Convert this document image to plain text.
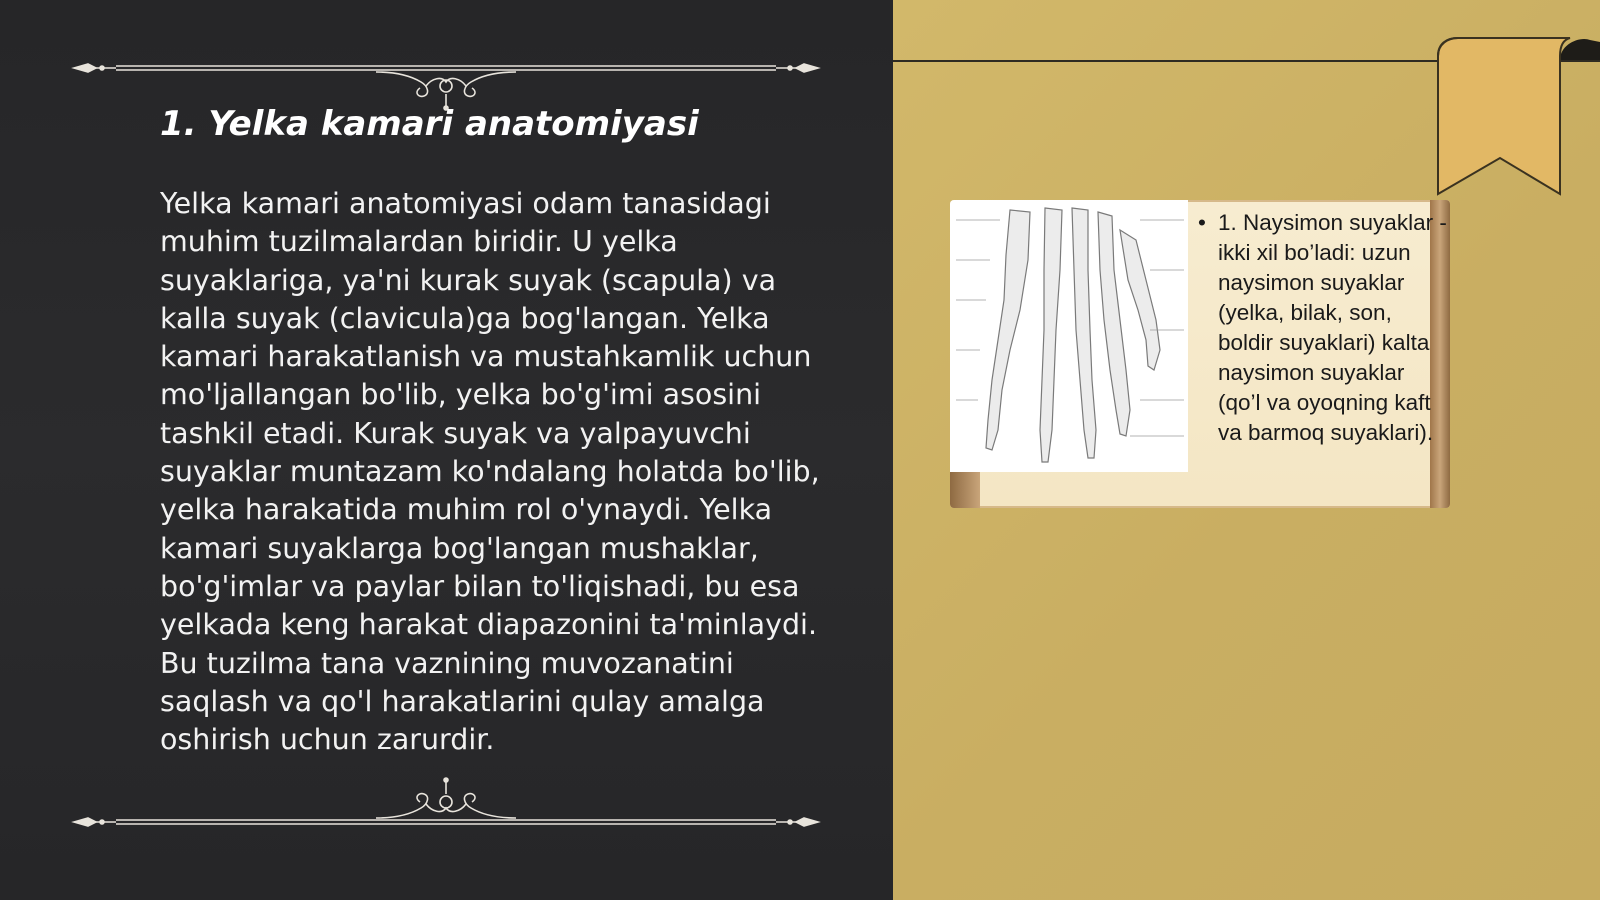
1. Yelka kamari anatomiyasi

Yelka kamari anatomiyasi odam tanasidagi muhim tuzilmalardan biridir. U yelka suyaklariga, ya'ni kurak suyak (scapula) va kalla suyak (clavicula)ga bog'langan. Yelka kamari harakatlanish va mustahkamlik uchun mo'ljallangan bo'lib, yelka bo'g'imi asosini tashkil etadi. Kurak suyak va yalpayuvchi suyaklar muntazam ko'ndalang holatda bo'lib, yelka harakatida muhim rol o'ynaydi. Yelka kamari suyaklarga bog'langan mushaklar, bo'g'imlar va paylar bilan to'liqishadi, bu esa yelkada keng harakat diapazonini ta'minlaydi. Bu tuzilma tana vaznining muvozanatini saqlash va qo'l harakatlarini qulay amalga oshirish uchun zarurdir.

• 1. Naysimon suyaklar - ikki xil bo’ladi: uzun naysimon suyaklar (yelka, bilak, son, boldir suyaklari) kalta naysimon suyaklar (qo’l va oyoqning kaft va barmoq suyaklari).
